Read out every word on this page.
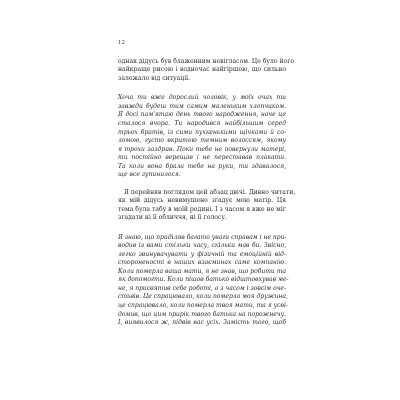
12

однак дідусь був блаженним невігласом. Це було його
найкраще рисою і водночас найгіршою, що сильно
залежало від ситуації.

Хоча ти вже дорослий чоловік, у моїх очах ти
завжди будеш тим самим маленьким хлопчиком.
Я досі пам'ятаю день твого народження, наче це
сталося вчора. Ти народився найбільшим серед
трьох братів, із сими пухкенькими щічками й со-
ломою, густо вкритою темним волоссям, якому
я трохи заздрив. Поки тебе не повернули матері,
ти постійно верещав і не переставав плакати.
Та коли вона брала тебе на руки, ти здавалося,
ще все зупинилося.

Я перейняв поглядом цей абзац двічі. Дивно читати,
як мій дідусь невимушено згадує мою матір. Ця
тема була табу в моїй родині. І з часом я вже не міг
згадати ні її обличчя, ні її голосу.

Я знаю, що приділяв багато уваги справам і не при-
водив із вами стільки часу, скільки мав би. Звісно,
легко звинувачувати у фізичній та емоційній від-
стороненості в наших взаєминах саме компанію.
Коли померла ваша мати, я не знав, що робити та
як допомогти. Коли пішов батько відштовхував ме-
не, я присвятив себе роботі, а з часом і зовсім оче-
стьвів. Це спрацювало, коли померла моя дружина,
це спрацювало, коли померла твоя мати, та я усві-
домив, що цим прирік твого батька на порожнечу.
І, виявилося ж, підвів вас усіх. Замість того, щоб
